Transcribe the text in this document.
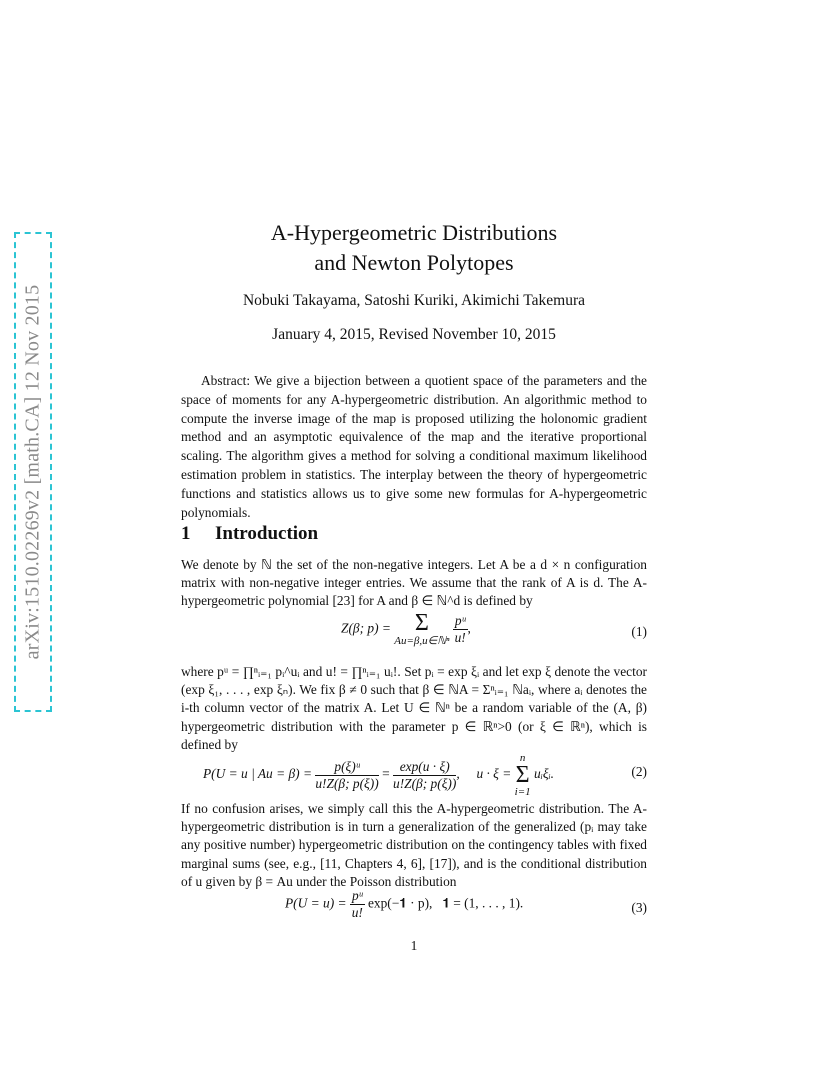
arXiv:1510.02269v2 [math.CA] 12 Nov 2015
A-Hypergeometric Distributions
and Newton Polytopes
Nobuki Takayama, Satoshi Kuriki, Akimichi Takemura
January 4, 2015, Revised November 10, 2015
Abstract: We give a bijection between a quotient space of the parameters and the space of moments for any A-hypergeometric distribution. An algorithmic method to compute the inverse image of the map is proposed utilizing the holonomic gradient method and an asymptotic equivalence of the map and the iterative proportional scaling. The algorithm gives a method for solving a conditional maximum likelihood estimation problem in statistics. The interplay between the theory of hypergeometric functions and statistics allows us to give some new formulas for A-hypergeometric polynomials.
1 Introduction
We denote by ℕ the set of the non-negative integers. Let A be a d × n configuration matrix with non-negative integer entries. We assume that the rank of A is d. The A-hypergeometric polynomial [23] for A and β ∈ ℕ^d is defined by
Z(β; p) = Σ
Au=β,u∈ℕⁿ $\frac{\text{pᵘ}}{u!}$ ,	(1)
where pᵘ = ∏ⁿᵢ₌₁ pᵢ^uᵢ and u! = ∏ⁿᵢ₌₁ uᵢ!. Set pᵢ = exp ξᵢ and let exp ξ denote the vector (exp ξ₁, . . . , exp ξₙ). We fix β ≠ 0 such that β ∈ ℕA = Σⁿᵢ₌₁ ℕaᵢ, where aᵢ denotes the i-th column vector of the matrix A. Let U ∈ ℕⁿ be a random variable of the (A, β) hypergeometric distribution with the parameter p ∈ ℝⁿ>0 (or ξ ∈ ℝⁿ), which is defined by
P(U = u | $Au = \beta) = \frac{\text{p(ξ)ᵘ}}{u!Z(\beta; p(\xi))} = \frac{\exp(u \cdot \xi)}{u!Z(\beta; p(\xi))}$ ,     u · ξ = n
Σ
i=1 uᵢξᵢ.	(2)
If no confusion arises, we simply call this the A-hypergeometric distribution. The A-hypergeometric distribution is in turn a generalization of the generalized (pᵢ may take any positive number) hypergeometric distribution on the contingency tables with fixed marginal sums (see, e.g., [11, Chapters 4, 6], [17]), and is the conditional distribution of u given by β = Au under the Poisson distribution
$P(U = u) = \frac{\text{pᵘ}}{u!}$ exp(−𝟏 · p),   𝟏 = (1, . . . , 1).	(3)
1
